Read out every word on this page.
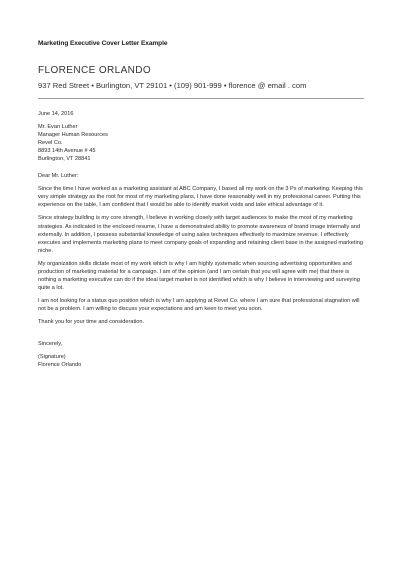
Marketing Executive Cover Letter Example
FLORENCE ORLANDO
937 Red Street • Burlington, VT 29101 • (109) 901-999 • florence @ email . com
June 14, 2016
Mr. Evan Luther
Manager Human Resources
Revel Co.
8893 14th Avenue # 45
Burlington, VT 28841
Dear Mr. Luther:

Since the time I have worked as a marketing assistant at ABC Company, I based all my work on the 3 Ps of marketing. Keeping this very simple strategy as the root for most of my marketing plans, I have done reasonably well in my professional career. Putting this experience on the table, I am confident that I would be able to identify market voids and take ethical advantage of it.

Since strategy building is my core strength, I believe in working closely with target audiences to make the most of my marketing strategies. As indicated in the enclosed resume, I have a demonstrated ability to promote awareness of brand image internally and externally. In addition, I possess substantial knowledge of using sales techniques effectively to maximize revenue. I effectively executes and implements marketing plans to meet company goals of expanding and retaining client base in the assigned marketing niche.

My organization skills dictate most of my work which is why I am highly systematic when sourcing advertising opportunities and production of marketing material for a campaign. I am of the opinion (and I am certain that you will agree with me) that there is nothing a marketing executive can do if the ideal target market is not identified which is why I believe in interviewing and surveying quite a lot.

I am not looking for a status quo position which is why I am applying at Revel Co. where I am sure that professional stagnation will not be a problem. I am willing to discuss your expectations and am keen to meet you soon.

Thank you for your time and consideration.

Sincerely,
(Signature)
Florence Orlando
